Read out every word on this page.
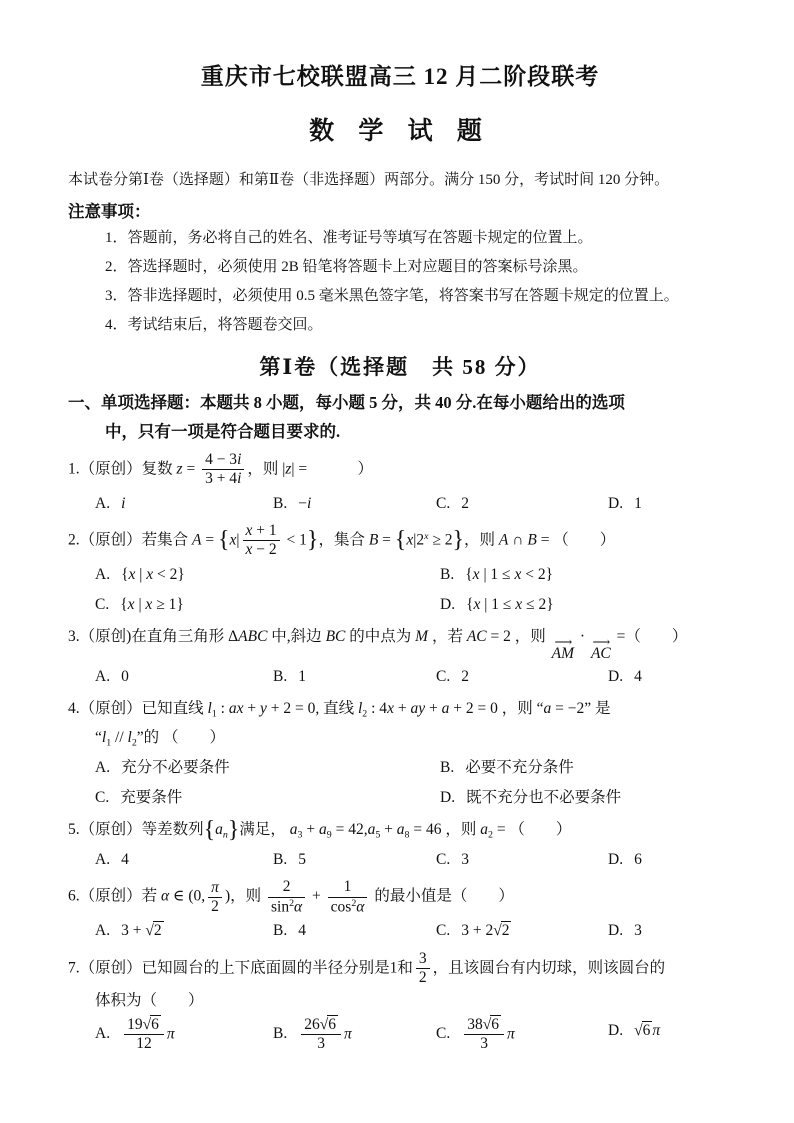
重庆市七校联盟高三 12 月二阶段联考
数 学 试 题

本试卷分第Ⅰ卷（选择题）和第Ⅱ卷（非选择题）两部分。满分 150 分，考试时间 120 分钟。

注意事项：
1．答题前，务必将自己的姓名、准考证号等填写在答题卡规定的位置上。
2．答选择题时，必须使用 2B 铅笔将答题卡上对应题目的答案标号涂黑。
3．答非选择题时，必须使用 0.5 毫米黑色签字笔，将答案书写在答题卡规定的位置上。
4．考试结束后，将答题卷交回。
第Ⅰ卷（选择题　共 58 分）
一、单项选择题：本题共 8 小题，每小题 5 分，共 40 分.在每小题给出的选项
中，只有一项是符合题目要求的.
1.（原创）复数 $z = \frac{4 - 3i}{3 + 4i}$ ，则 |z| = 　　　）
A. i	B. −i	C. 2	D. 1
2.（原创）若集合 $A = \{x| \frac{x + 1}{x - 2} < 1\}$，集合 $B = \{x|2^x \ge 2\}$，则 A ∩ B = （　　）
A. {x | x < 2}	B. {x | 1 ≤ x < 2}
C. {x | x ≥ 1}	D. {x | 1 ≤ x ≤ 2}
3.（原创)在直角三角形 ΔABC 中,斜边 BC 的中点为 M ，若 AC = 2 ，则 ⟶
AM
· ⟶
AC
=（　　）
A. 0	B. 1	C. 2	D. 4
4.（原创）已知直线 $l_1$ : ax + y + 2 = 0, 直线 $l_2$ : 4x + ay + a + 2 = 0 ，则 “a = −2” 是
“$l_1 // l_2$”的 （　　）
A. 充分不必要条件	B. 必要不充分条件
C. 充要条件	D. 既不充分也不必要条件
5.（原创）等差数列$\{a_n\}$满足， $a_3 + a_9 = 42,a_5 + a_8 = 46$ ，则 $a_2$ = （　　）
A. 4	B. 5	C. 3	D. 6
6.（原创）若 α ∈ (0, $\frac{\pi}{2}$ )，则 $\frac{2}{\sin^2\alpha} + \frac{1}{\cos^2\alpha}$ 的最小值是（　　）
A. 3 + √2	B. 4	C. 3 + 2√2	D. 3
7.（原创）已知圆台的上下底面圆的半径分别是1和 $\frac{3}{2}$ ，且该圆台有内切球，则该圆台的
体积为（　　）
A. $\frac{19√6}{12}$ π	B. $\frac{26√6}{3}$ π	C. $\frac{38√6}{3}$ π	D. √6 π
